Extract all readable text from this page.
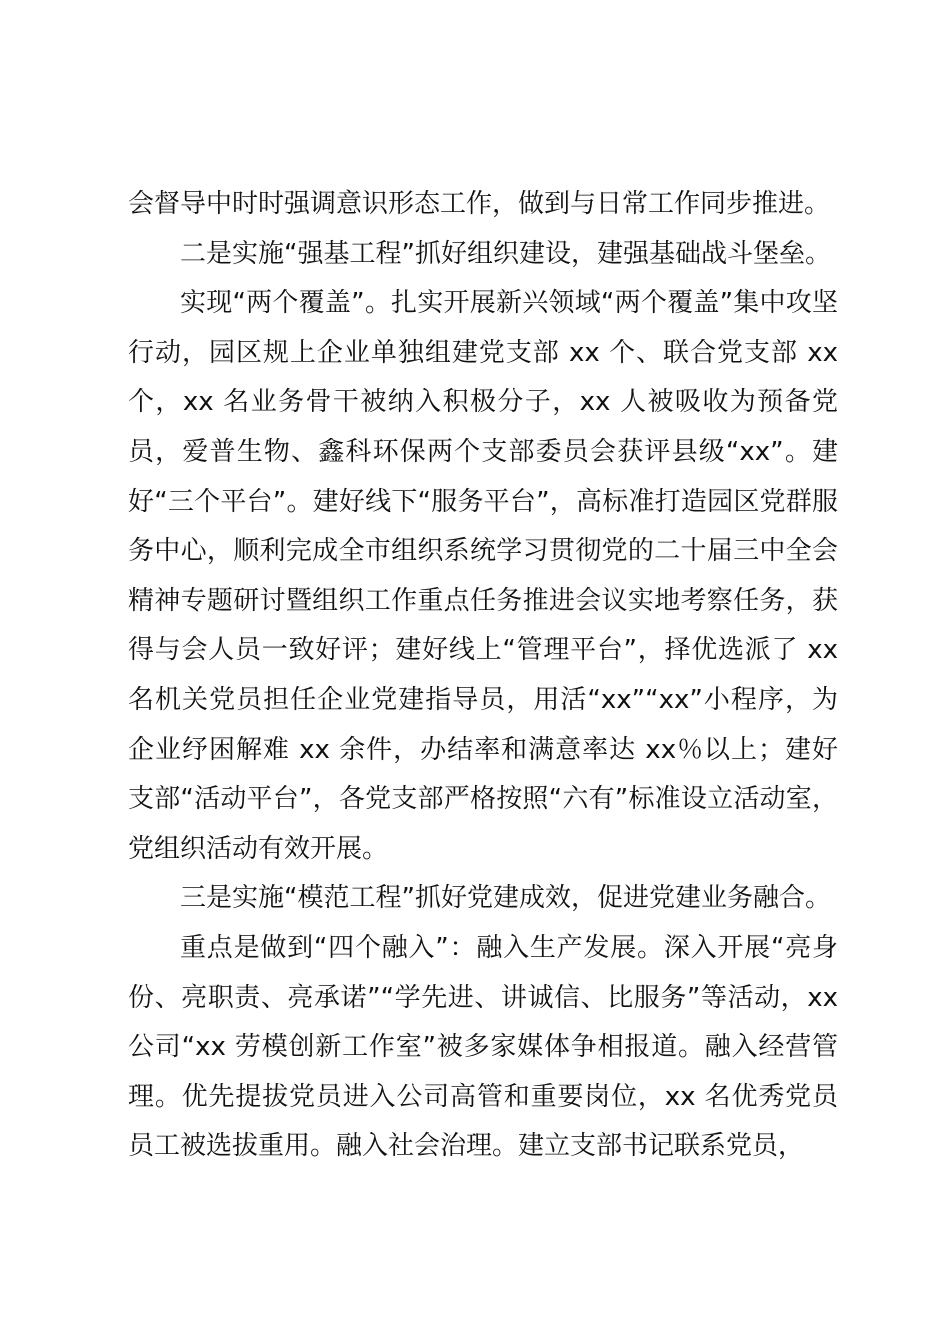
会督导中时时强调意识形态工作，做到与日常工作同步推进。

二是实施“强基工程”抓好组织建设，建强基础战斗堡垒。

实现“两个覆盖”。扎实开展新兴领域“两个覆盖”集中攻坚行动，园区规上企业单独组建党支部 xx 个、联合党支部 xx 个，xx 名业务骨干被纳入积极分子，xx 人被吸收为预备党员，爱普生物、鑫科环保两个支部委员会获评县级“xx”。建好“三个平台”。建好线下“服务平台”，高标准打造园区党群服务中心，顺利完成全市组织系统学习贯彻党的二十届三中全会精神专题研讨暨组织工作重点任务推进会议实地考察任务，获得与会人员一致好评；建好线上“管理平台”，择优选派了 xx 名机关党员担任企业党建指导员，用活“xx”“xx”小程序，为企业纾困解难 xx 余件，办结率和满意率达 xx％以上；建好支部“活动平台”，各党支部严格按照“六有”标准设立活动室，党组织活动有效开展。

三是实施“模范工程”抓好党建成效，促进党建业务融合。

重点是做到“四个融入”：融入生产发展。深入开展“亮身份、亮职责、亮承诺”“学先进、讲诚信、比服务”等活动，xx 公司“xx 劳模创新工作室”被多家媒体争相报道。融入经营管理。优先提拔党员进入公司高管和重要岗位，xx 名优秀党员员工被选拔重用。融入社会治理。建立支部书记联系党员，
